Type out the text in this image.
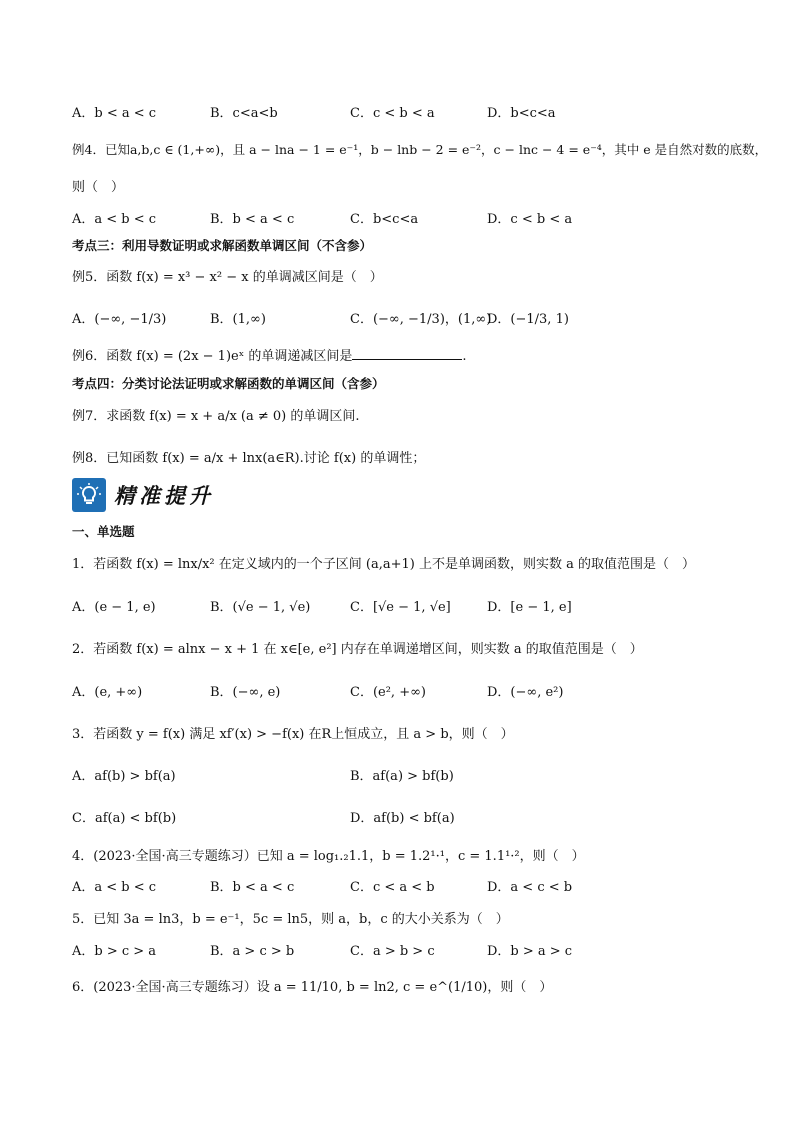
A．b < a < c	B．c<a<b	C．c < b < a	D．b<c<a
例4．已知a,b,c ∈ (1,+∞)，且 a − lna − 1 = e⁻¹，b − lnb − 2 = e⁻²，c − lnc − 4 = e⁻⁴，其中 e 是自然对数的底数，
则（　）
A．a < b < c	B．b < a < c	C．b<c<a	D．c < b < a
考点三：利用导数证明或求解函数单调区间（不含参）
例5．函数 f(x) = x³ − x² − x 的单调减区间是（　）
A．(−∞, −1/3)	B．(1,∞)	C．(−∞, −1/3)，(1,∞)
D．(−1/3, 1)
例6．函数 f(x) = (2x − 1)eˣ 的单调递减区间是	.
考点四：分类讨论法证明或求解函数的单调区间（含参）
例7．求函数 f(x) = x + a/x (a ≠ 0) 的单调区间.
例8．已知函数 f(x) = a/x + lnx(a∈R).讨论 f(x) 的单调性；
精准提升
一、单选题
1．若函数 f(x) = lnx/x² 在定义域内的一个子区间 (a,a+1) 上不是单调函数，则实数 a 的取值范围是（　）
A．(e − 1, e)	B．(√e − 1, √e)	C．[√e − 1, √e]	D．[e − 1, e]
2．若函数 f(x) = alnx − x + 1 在 x∈[e, e²] 内存在单调递增区间，则实数 a 的取值范围是（　）
A．(e, +∞)	B．(−∞, e)	C．(e², +∞)	D．(−∞, e²)
3．若函数 y = f(x) 满足 xf′(x) > −f(x) 在R上恒成立，且 a > b，则（　）
A．af(b) > bf(a)	B．af(a) > bf(b)
C．af(a) < bf(b)	D．af(b) < bf(a)
4．(2023·全国·高三专题练习）已知 a = log₁.₂1.1，b = 1.2¹·¹，c = 1.1¹·²，则（　）
A．a < b < c	B．b < a < c	C．c < a < b	D．a < c < b
5．已知 3a = ln3，b = e⁻¹，5c = ln5，则 a，b，c 的大小关系为（　）
A．b > c > a	B．a > c > b	C．a > b > c	D．b > a > c
6．(2023·全国·高三专题练习）设 a = 11/10, b = ln2, c = e^(1/10)，则（　）
